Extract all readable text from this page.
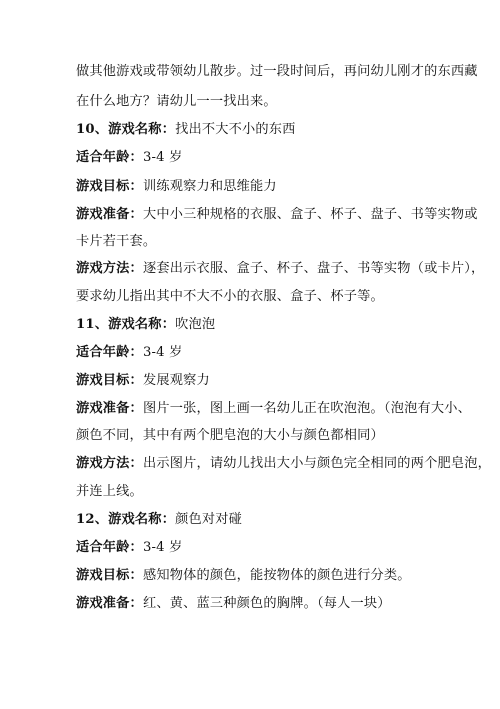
做其他游戏或带领幼儿散步。过一段时间后，再问幼儿刚才的东西藏
在什么地方？请幼儿一一找出来。
10、游戏名称：找出不大不小的东西
适合年龄：3-4 岁
游戏目标：训练观察力和思维能力
游戏准备：大中小三种规格的衣服、盒子、杯子、盘子、书等实物或
卡片若干套。
游戏方法：逐套出示衣服、盒子、杯子、盘子、书等实物（或卡片），
要求幼儿指出其中不大不小的衣服、盒子、杯子等。
11、游戏名称：吹泡泡
适合年龄：3-4 岁
游戏目标：发展观察力
游戏准备：图片一张，图上画一名幼儿正在吹泡泡。（泡泡有大小、
颜色不同，其中有两个肥皂泡的大小与颜色都相同）
游戏方法：出示图片，请幼儿找出大小与颜色完全相同的两个肥皂泡，
并连上线。
12、游戏名称：颜色对对碰
适合年龄：3-4 岁
游戏目标：感知物体的颜色，能按物体的颜色进行分类。
游戏准备：红、黄、蓝三种颜色的胸牌。（每人一块）
